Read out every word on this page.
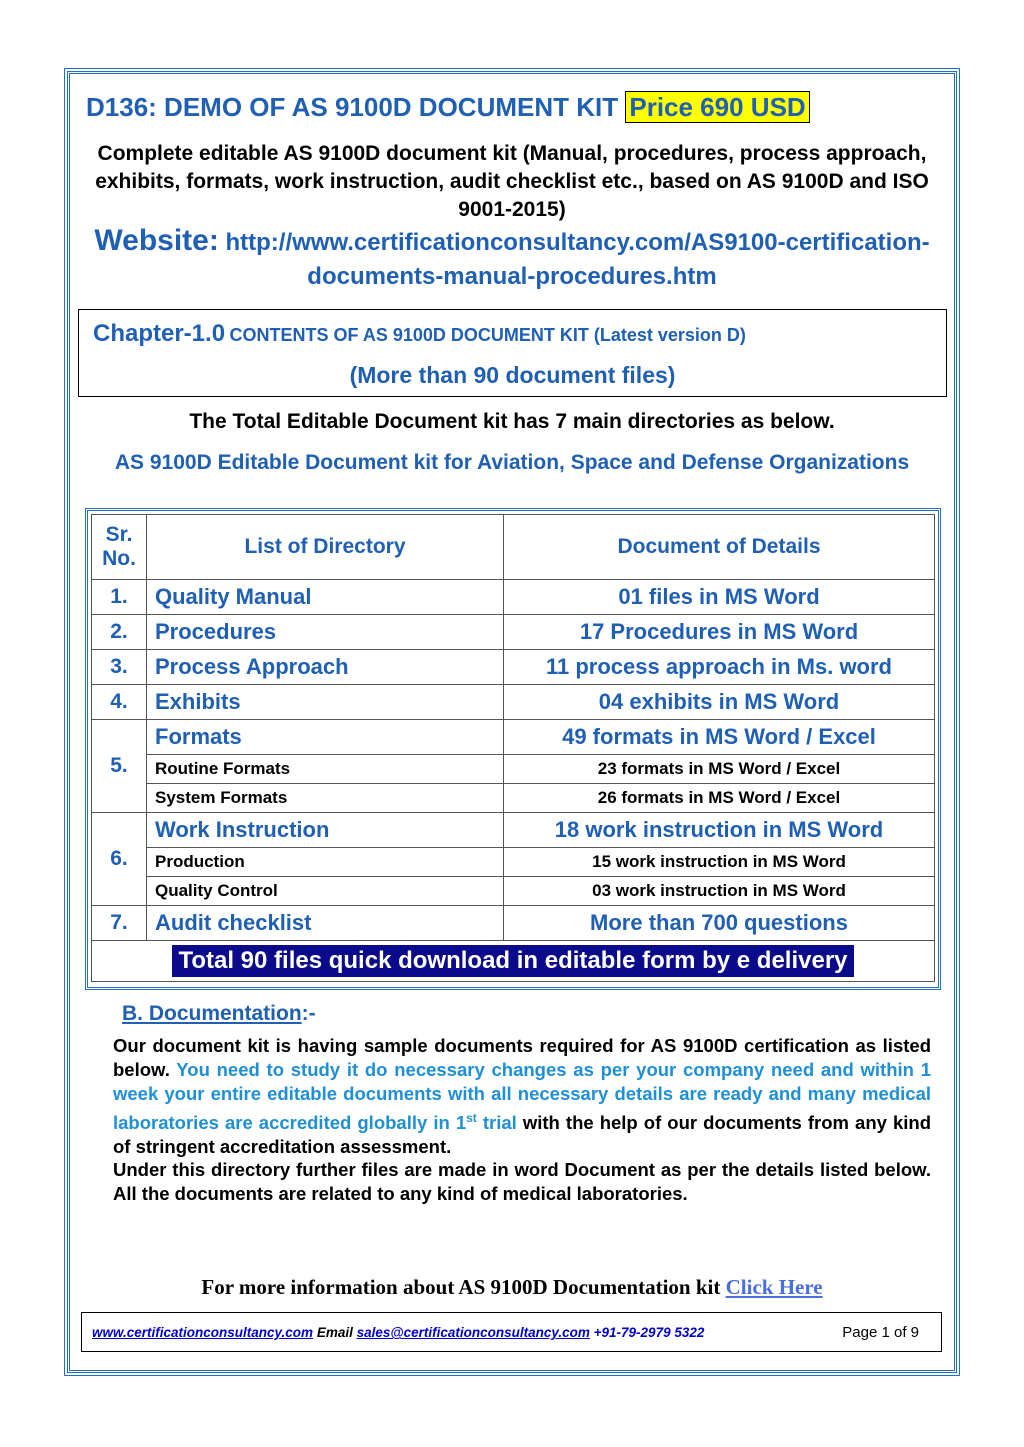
D136: DEMO OF AS 9100D DOCUMENT KIT Price 690 USD
Complete editable AS 9100D document kit (Manual, procedures, process approach, exhibits, formats, work instruction, audit checklist etc., based on AS 9100D and ISO 9001-2015)
Website: http://www.certificationconsultancy.com/AS9100-certification-documents-manual-procedures.htm
Chapter-1.0 CONTENTS OF AS 9100D DOCUMENT KIT (Latest version D)
(More than 90 document files)
The Total Editable Document kit has 7 main directories as below.
AS 9100D Editable Document kit for Aviation, Space and Defense Organizations
Sr. No.	List of Directory	Document of Details
1.	Quality Manual	01 files in MS Word
2.	Procedures	17 Procedures in MS Word
3.	Process Approach	11 process approach in Ms. word
4.	Exhibits	04 exhibits in MS Word
5.	Formats	49 formats in MS Word / Excel
	Routine Formats	23 formats in MS Word / Excel
	System Formats	26 formats in MS Word / Excel
6.	Work Instruction	18 work instruction in MS Word
	Production	15 work instruction in MS Word
	Quality Control	03 work instruction in MS Word
7.	Audit checklist	More than 700 questions
Total 90 files quick download in editable form by e delivery		
B. Documentation:-
Our document kit is having sample documents required for AS 9100D certification as listed below. You need to study it do necessary changes as per your company need and within 1 week your entire editable documents with all necessary details are ready and many medical laboratories are accredited globally in 1st trial with the help of our documents from any kind of stringent accreditation assessment.
Under this directory further files are made in word Document as per the details listed below. All the documents are related to any kind of medical laboratories.
For more information about AS 9100D Documentation kit Click Here
www.certificationconsultancy.com Email sales@certificationconsultancy.com +91-79-2979 5322	Page 1 of 9
